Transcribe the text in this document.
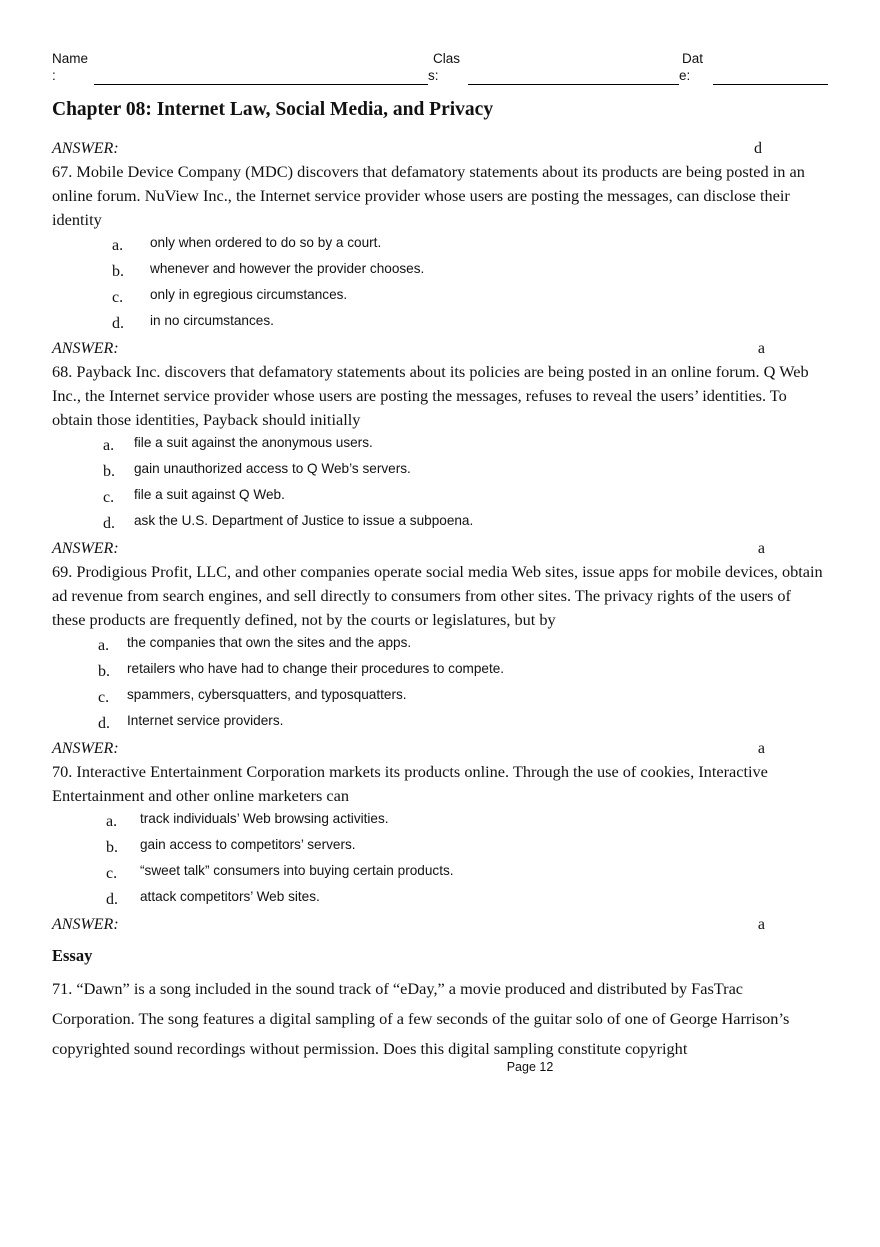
Name
:
Clas
s:
Dat
e:
Chapter 08: Internet Law, Social Media, and Privacy
ANSWER:	d

67. Mobile Device Company (MDC) discovers that defamatory statements about its products are being posted in an online forum. NuView Inc., the Internet service provider whose users are posting the messages, can disclose their identity

a. only when ordered to do so by a court.
b. whenever and however the provider chooses.
c. only in egregious circumstances.
d. in no circumstances.
ANSWER:	a

68. Payback Inc. discovers that defamatory statements about its policies are being posted in an online forum. Q Web Inc., the Internet service provider whose users are posting the messages, refuses to reveal the users’ identities. To obtain those identities, Payback should initially

a. file a suit against the anonymous users.
b. gain unauthorized access to Q Web’s servers.
c. file a suit against Q Web.
d. ask the U.S. Department of Justice to issue a subpoena.
ANSWER:	a

69. Prodigious Profit, LLC, and other companies operate social media Web sites, issue apps for mobile devices, obtain ad revenue from search engines, and sell directly to consumers from other sites. The privacy rights of the users of these products are frequently defined, not by the courts or legislatures, but by

a. the companies that own the sites and the apps.
b. retailers who have had to change their procedures to compete.
c. spammers, cybersquatters, and typosquatters.
d. Internet service providers.
ANSWER:	a

70. Interactive Entertainment Corporation markets its products online. Through the use of cookies, Interactive Entertainment and other online marketers can

a. track individuals’ Web browsing activities.
b. gain access to competitors’ servers.
c. “sweet talk” consumers into buying certain products.
d. attack competitors’ Web sites.
ANSWER:	a
Essay

71. “Dawn” is a song included in the sound track of “eDay,” a movie produced and distributed by FasTrac Corporation. The song features a digital sampling of a few seconds of the guitar solo of one of George Harrison’s copyrighted sound recordings without permission. Does this digital sampling constitute copyright

Page 12
